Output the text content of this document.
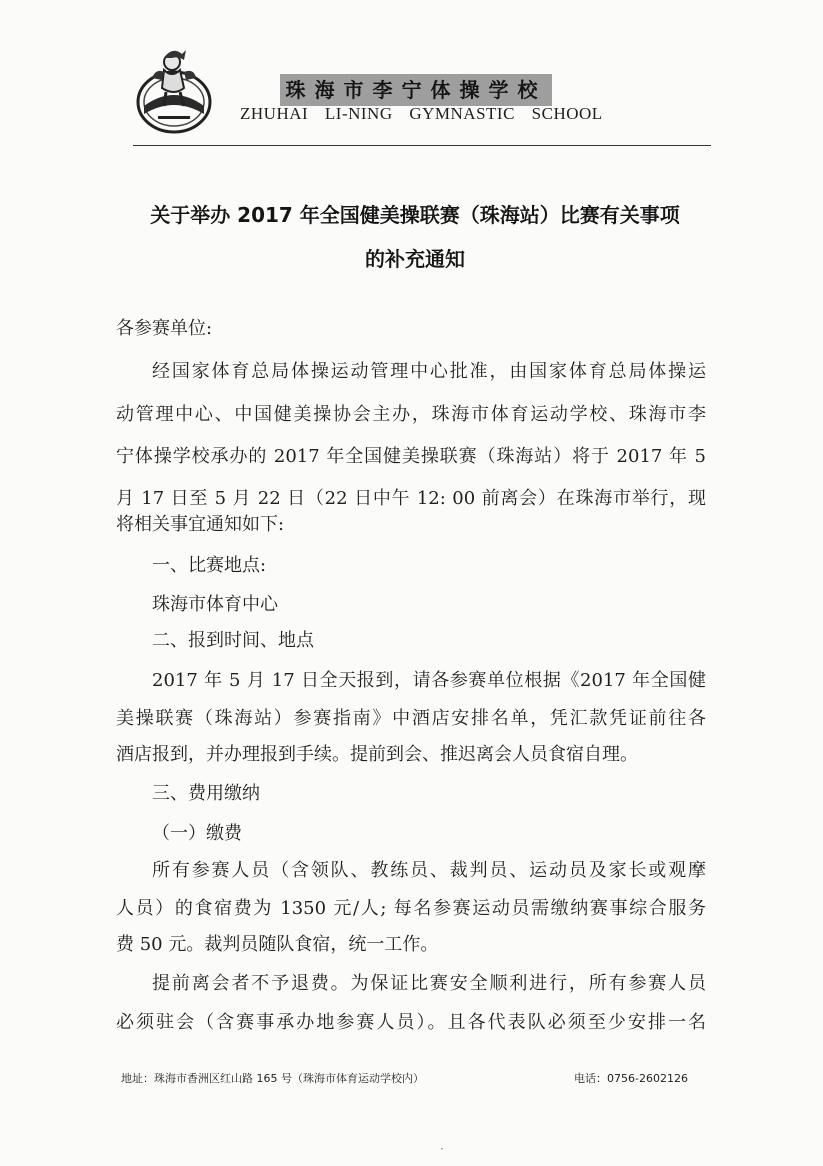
珠海市李宁体操学校
ZHUHAI LI-NING GYMNASTIC SCHOOL
关于举办 2017 年全国健美操联赛（珠海站）比赛有关事项
的补充通知
各参赛单位:
经国家体育总局体操运动管理中心批准，由国家体育总局体操运
动管理中心、中国健美操协会主办，珠海市体育运动学校、珠海市李
宁体操学校承办的 2017 年全国健美操联赛（珠海站）将于 2017 年 5
月 17 日至 5 月 22 日（22 日中午 12: 00 前离会）在珠海市举行，现
将相关事宜通知如下:
一、比赛地点:
珠海市体育中心
二、报到时间、地点
2017 年 5 月 17 日全天报到，请各参赛单位根据《2017 年全国健
美操联赛（珠海站）参赛指南》中酒店安排名单，凭汇款凭证前往各
酒店报到，并办理报到手续。提前到会、推迟离会人员食宿自理。
三、费用缴纳
（一）缴费
所有参赛人员（含领队、教练员、裁判员、运动员及家长或观摩
人员）的食宿费为 1350 元/人; 每名参赛运动员需缴纳赛事综合服务
费 50 元。裁判员随队食宿，统一工作。
提前离会者不予退费。为保证比赛安全顺利进行，所有参赛人员
必须驻会（含赛事承办地参赛人员）。且各代表队必须至少安排一名
地址：珠海市香洲区红山路 165 号（珠海市体育运动学校内）	电话：0756-2602126
·
